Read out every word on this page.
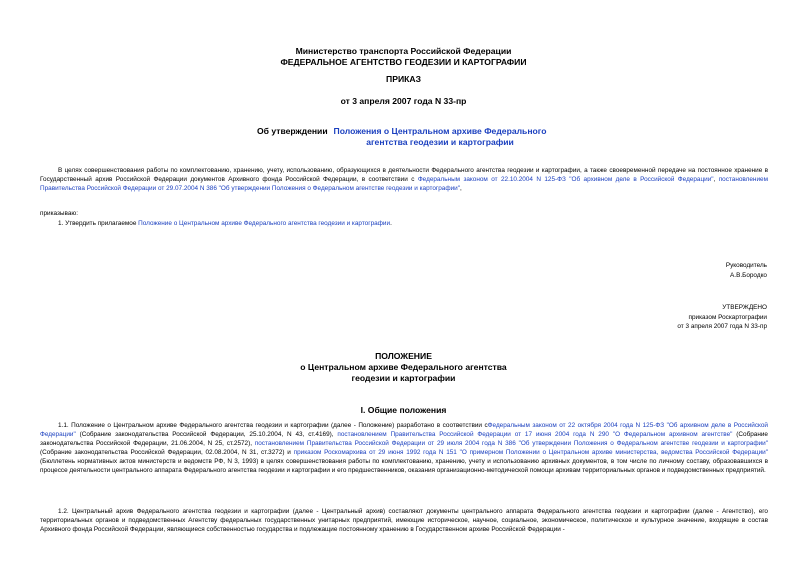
Министерство транспорта Российской Федерации
ФЕДЕРАЛЬНОЕ АГЕНТСТВО ГЕОДЕЗИИ И КАРТОГРАФИИ
ПРИКАЗ
от 3 апреля 2007 года N 33-пр
Об утверждении Положения о Центральном архиве Федерального агентства геодезии и картографии
В целях совершенствования работы по комплектованию, хранению, учету, использованию, образующихся в деятельности Федерального агентства геодезии и картографии, а также своевременной передаче на постоянное хранение в Государственный архив Российской Федерации документов Архивного фонда Российской Федерации, в соответствии с Федеральным законом от 22.10.2004 N 125-ФЗ "Об архивном деле в Российской Федерации", постановлением Правительства Российской Федерации от 29.07.2004 N 386 "Об утверждении Положения о Федеральном агентстве геодезии и картографии",
приказываю:
1. Утвердить прилагаемое Положение о Центральном архиве Федерального агентства геодезии и картографии.
Руководитель
А.В.Бородко
УТВЕРЖДЕНО
приказом Роскартографии
от 3 апреля 2007 года N 33-пр
ПОЛОЖЕНИЕ
о Центральном архиве Федерального агентства
геодезии и картографии
I. Общие положения
1.1. Положение о Центральном архиве Федерального агентства геодезии и картографии (далее - Положение) разработано в соответствии сФедеральным законом от 22 октября 2004 года N 125-ФЗ "Об архивном деле в Российской Федерации" (Собрание законодательства Российской Федерации, 25.10.2004, N 43, ст.4169), постановлением Правительства Российской Федерации от 17 июня 2004 года N 290 "О Федеральном архивном агентстве" (Собрание законодательства Российской Федерации, 21.06.2004, N 25, ст.2572), постановлением Правительства Российской Федерации от 29 июля 2004 года N 386 "Об утверждении Положения о Федеральном агентстве геодезии и картографии" (Собрание законодательства Российской Федерации, 02.08.2004, N 31, ст.3272) и приказом Роскомархива от 29 июня 1992 года N 151 "О примерном Положении о Центральном архиве министерства, ведомства Российской Федерации" (Бюллетень нормативных актов министерств и ведомств РФ, N 3, 1993) в целях совершенствования работы по комплектованию, хранению, учету и использованию архивных документов, в том числе по личному составу, образовавшихся в процессе деятельности центрального аппарата Федерального агентства геодезии и картографии и его предшественников, оказания организационно-методической помощи архивам территориальных органов и подведомственных предприятий.
1.2. Центральный архив Федерального агентства геодезии и картографии (далее - Центральный архив) составляют документы центрального аппарата Федерального агентства геодезии и картографии (далее - Агентство), его территориальных органов и подведомственных Агентству федеральных государственных унитарных предприятий, имеющие историческое, научное, социальное, экономическое, политическое и культурное значение, входящие в состав Архивного фонда Российской Федерации, являющиеся собственностью государства и подлежащие постоянному хранению в Государственном архиве Российской Федерации -
